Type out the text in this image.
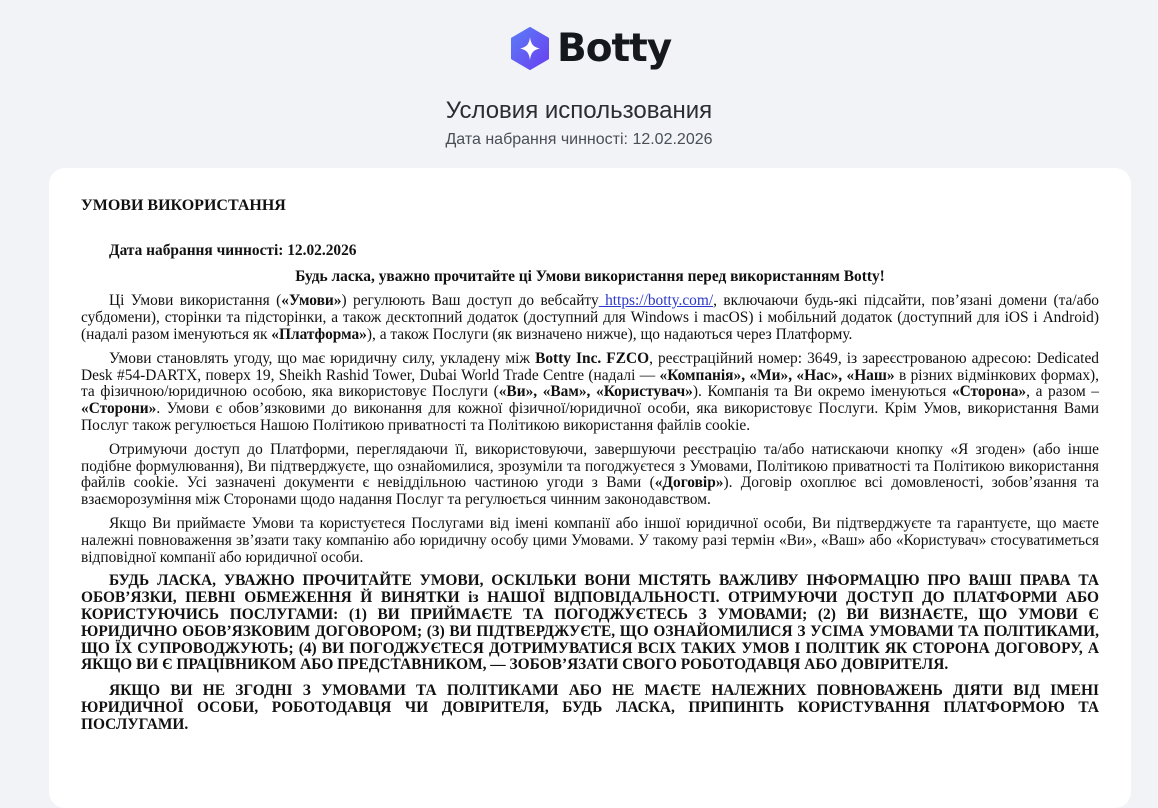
Botty
Условия использования
Дата набрання чинності: 12.02.2026

УМОВИ ВИКОРИСТАННЯ

Дата набрання чинності: 12.02.2026

Будь ласка, уважно прочитайте ці Умови використання перед використанням Botty!

Ці Умови використання («Умови») регулюють Ваш доступ до вебсайту https://botty.com/, включаючи будь-які підсайти, пов’язані домени (та/або субдомени), сторінки та підсторінки, а також десктопний додаток (доступний для Windows і macOS) і мобільний додаток (доступний для iOS і Android) (надалі разом іменуються як «Платформа»), а також Послуги (як визначено нижче), що надаються через Платформу.

Умови становлять угоду, що має юридичну силу, укладену між Botty Inc. FZCO, реєстраційний номер: 3649, із зареєстрованою адресою: Dedicated Desk #54-DARTX, поверх 19, Sheikh Rashid Tower, Dubai World Trade Centre (надалі — «Компанія», «Ми», «Нас», «Наш» в різних відмінкових формах), та фізичною/юридичною особою, яка використовує Послуги («Ви», «Вам», «Користувач»). Компанія та Ви окремо іменуються «Сторона», а разом – «Сторони». Умови є обов’язковими до виконання для кожної фізичної/юридичної особи, яка використовує Послуги. Крім Умов, використання Вами Послуг також регулюється Нашою Політикою приватності та Політикою використання файлів cookie.

Отримуючи доступ до Платформи, переглядаючи її, використовуючи, завершуючи реєстрацію та/або натискаючи кнопку «Я згоден» (або інше подібне формулювання), Ви підтверджуєте, що ознайомилися, зрозуміли та погоджуєтеся з Умовами, Політикою приватності та Політикою використання файлів cookie. Усі зазначені документи є невіддільною частиною угоди з Вами («Договір»). Договір охоплює всі домовленості, зобов’язання та взаєморозуміння між Сторонами щодо надання Послуг та регулюється чинним законодавством.

Якщо Ви приймаєте Умови та користуєтеся Послугами від імені компанії або іншої юридичної особи, Ви підтверджуєте та гарантуєте, що маєте належні повноваження зв’язати таку компанію або юридичну особу цими Умовами. У такому разі термін «Ви», «Ваш» або «Користувач» стосуватиметься відповідної компанії або юридичної особи.

БУДЬ ЛАСКА, УВАЖНО ПРОЧИТАЙТЕ УМОВИ, ОСКІЛЬКИ ВОНИ МІСТЯТЬ ВАЖЛИВУ ІНФОРМАЦІЮ ПРО ВАШІ ПРАВА ТА ОБОВ’ЯЗКИ, ПЕВНІ ОБМЕЖЕННЯ Й ВИНЯТКИ із НАШОЇ ВІДПОВІДАЛЬНОСТІ. ОТРИМУЮЧИ ДОСТУП ДО ПЛАТФОРМИ АБО КОРИСТУЮЧИСЬ ПОСЛУГАМИ: (1) ВИ ПРИЙМАЄТЕ ТА ПОГОДЖУЄТЕСЬ З УМОВАМИ; (2) ВИ ВИЗНАЄТЕ, ЩО УМОВИ Є ЮРИДИЧНО ОБОВ’ЯЗКОВИМ ДОГОВОРОМ; (3) ВИ ПІДТВЕРДЖУЄТЕ, ЩО ОЗНАЙОМИЛИСЯ З УСІМА УМОВАМИ ТА ПОЛІТИКАМИ, ЩО ЇХ СУПРОВОДЖУЮТЬ; (4) ВИ ПОГОДЖУЄТЕСЯ ДОТРИМУВАТИСЯ ВСІХ ТАКИХ УМОВ І ПОЛІТИК ЯК СТОРОНА ДОГОВОРУ, А ЯКЩО ВИ Є ПРАЦІВНИКОМ АБО ПРЕДСТАВНИКОМ, — ЗОБОВ’ЯЗАТИ СВОГО РОБОТОДАВЦЯ АБО ДОВІРИТЕЛЯ.

ЯКЩО ВИ НЕ ЗГОДНІ З УМОВАМИ ТА ПОЛІТИКАМИ АБО НЕ МАЄТЕ НАЛЕЖНИХ ПОВНОВАЖЕНЬ ДІЯТИ ВІД ІМЕНІ ЮРИДИЧНОЇ ОСОБИ, РОБОТОДАВЦЯ ЧИ ДОВІРИТЕЛЯ, БУДЬ ЛАСКА, ПРИПИНІТЬ КОРИСТУВАННЯ ПЛАТФОРМОЮ ТА ПОСЛУГАМИ.
